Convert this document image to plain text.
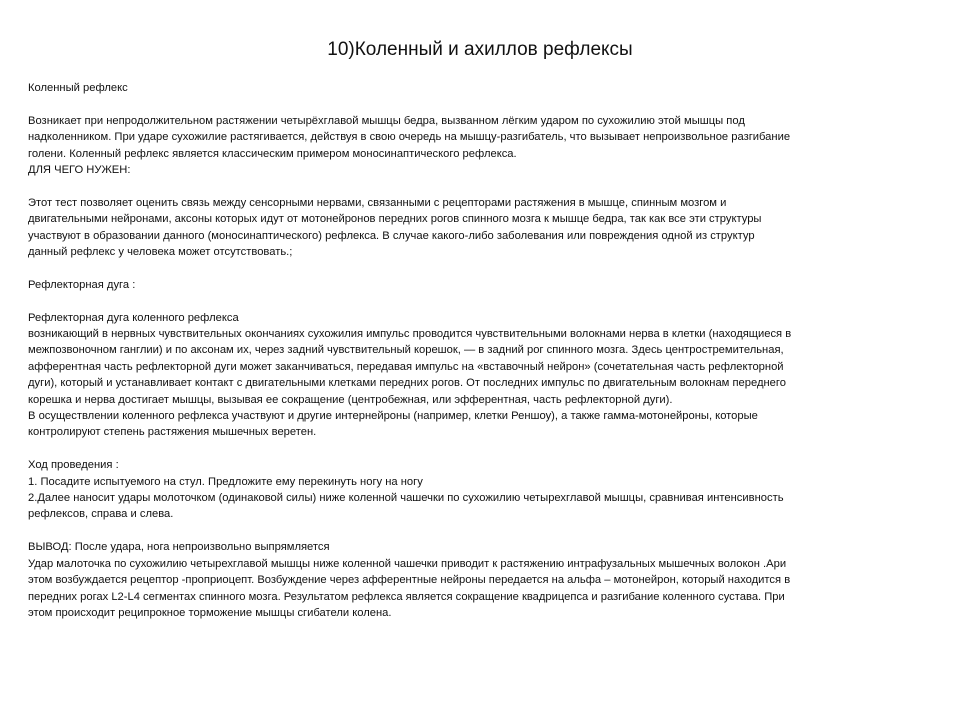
10)Коленный и ахиллов рефлексы
Коленный рефлекс
Возникает при непродолжительном растяжении четырёхглавой мышцы бедра, вызванном лёгким ударом по сухожилию этой мышцы под
надколенником. При ударе сухожилие растягивается, действуя в свою очередь на мышцу-разгибатель, что вызывает непроизвольное разгибание
голени. Коленный рефлекс является классическим примером моносинаптического рефлекса.
ДЛЯ ЧЕГО НУЖЕН:
Этот тест позволяет оценить связь между сенсорными нервами, связанными с рецепторами растяжения в мышце, спинным мозгом и
двигательными нейронами, аксоны которых идут от мотонейронов передних рогов спинного мозга к мышце бедра, так как все эти структуры
участвуют в образовании данного (моносинаптического) рефлекса. В случае какого-либо заболевания или повреждения одной из структур
данный рефлекс у человека может отсутствовать.;
Рефлекторная дуга :
Рефлекторная дуга коленного рефлекса
возникающий в нервных чувствительных окончаниях сухожилия импульс проводится чувствительными волокнами нерва в клетки (находящиеся в
межпозвоночном ганглии) и по аксонам их, через задний чувствительный корешок, — в задний рог спинного мозга. Здесь центростремительная,
афферентная часть рефлекторной дуги может заканчиваться, передавая импульс на «вставочный нейрон» (сочетательная часть рефлекторной
дуги), который и устанавливает контакт с двигательными клетками передних рогов. От последних импульс по двигательным волокнам переднего
корешка и нерва достигает мышцы, вызывая ее сокращение (центробежная, или эфферентная, часть рефлекторной дуги).
В осуществлении коленного рефлекса участвуют и другие интернейроны (например, клетки Реншоу), а также гамма-мотонейроны, которые
контролируют степень растяжения мышечных веретен.
Ход проведения :
1. Посадите испытуемого на стул. Предложите ему перекинуть ногу на ногу
2.Далее наносит удары молоточком (одинаковой силы) ниже коленной чашечки по сухожилию четырехглавой мышцы, сравнивая интенсивность
рефлексов, справа и слева.
ВЫВОД: После удара, нога непроизвольно выпрямляется
Удар малоточка по сухожилию четырехглавой мышцы ниже коленной чашечки приводит к растяжению интрафузальных мышечных волокон .Ари
этом возбуждается рецептор -проприоцепт. Возбуждение через афферентные нейроны передается на альфа – мотонейрон, который находится в
передних рогах L2-L4 сегментах спинного мозга. Результатом рефлекса является сокращение квадрицепса и разгибание коленного сустава. При
этом происходит реципрокное торможение мышцы сгибатели колена.
